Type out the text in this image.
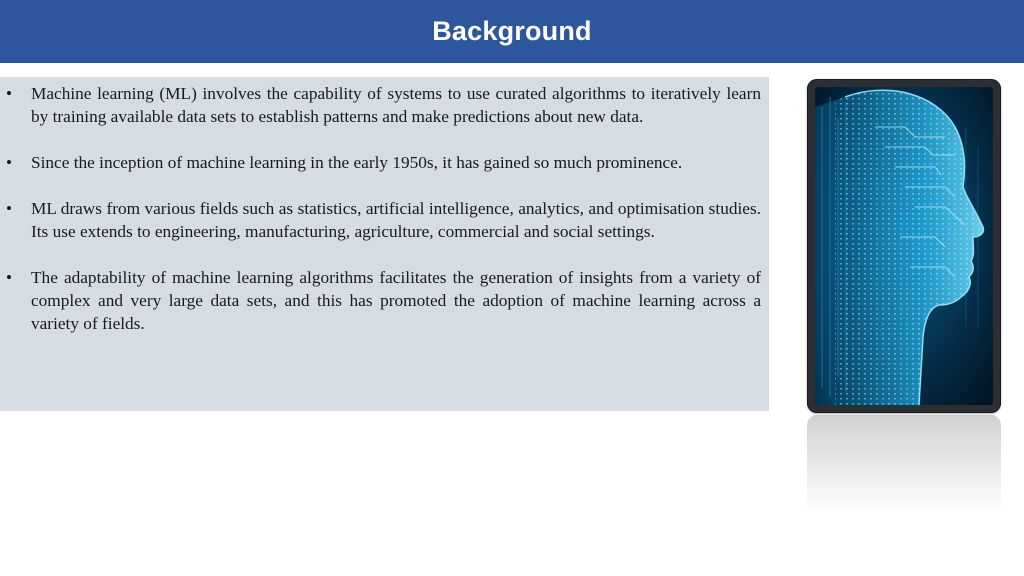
Background
•	Machine learning (ML) involves the capability of systems to use curated algorithms to iteratively learn by training available data sets to establish patterns and make predictions about new data.
•	Since the inception of machine learning in the early 1950s, it has gained so much prominence.
•	ML draws from various fields such as statistics, artificial intelligence, analytics, and optimisation studies. Its use extends to engineering, manufacturing, agriculture, commercial and social settings.
•	The adaptability of machine learning algorithms facilitates the generation of insights from a variety of complex and very large data sets, and this has promoted the adoption of machine learning across a variety of fields.
